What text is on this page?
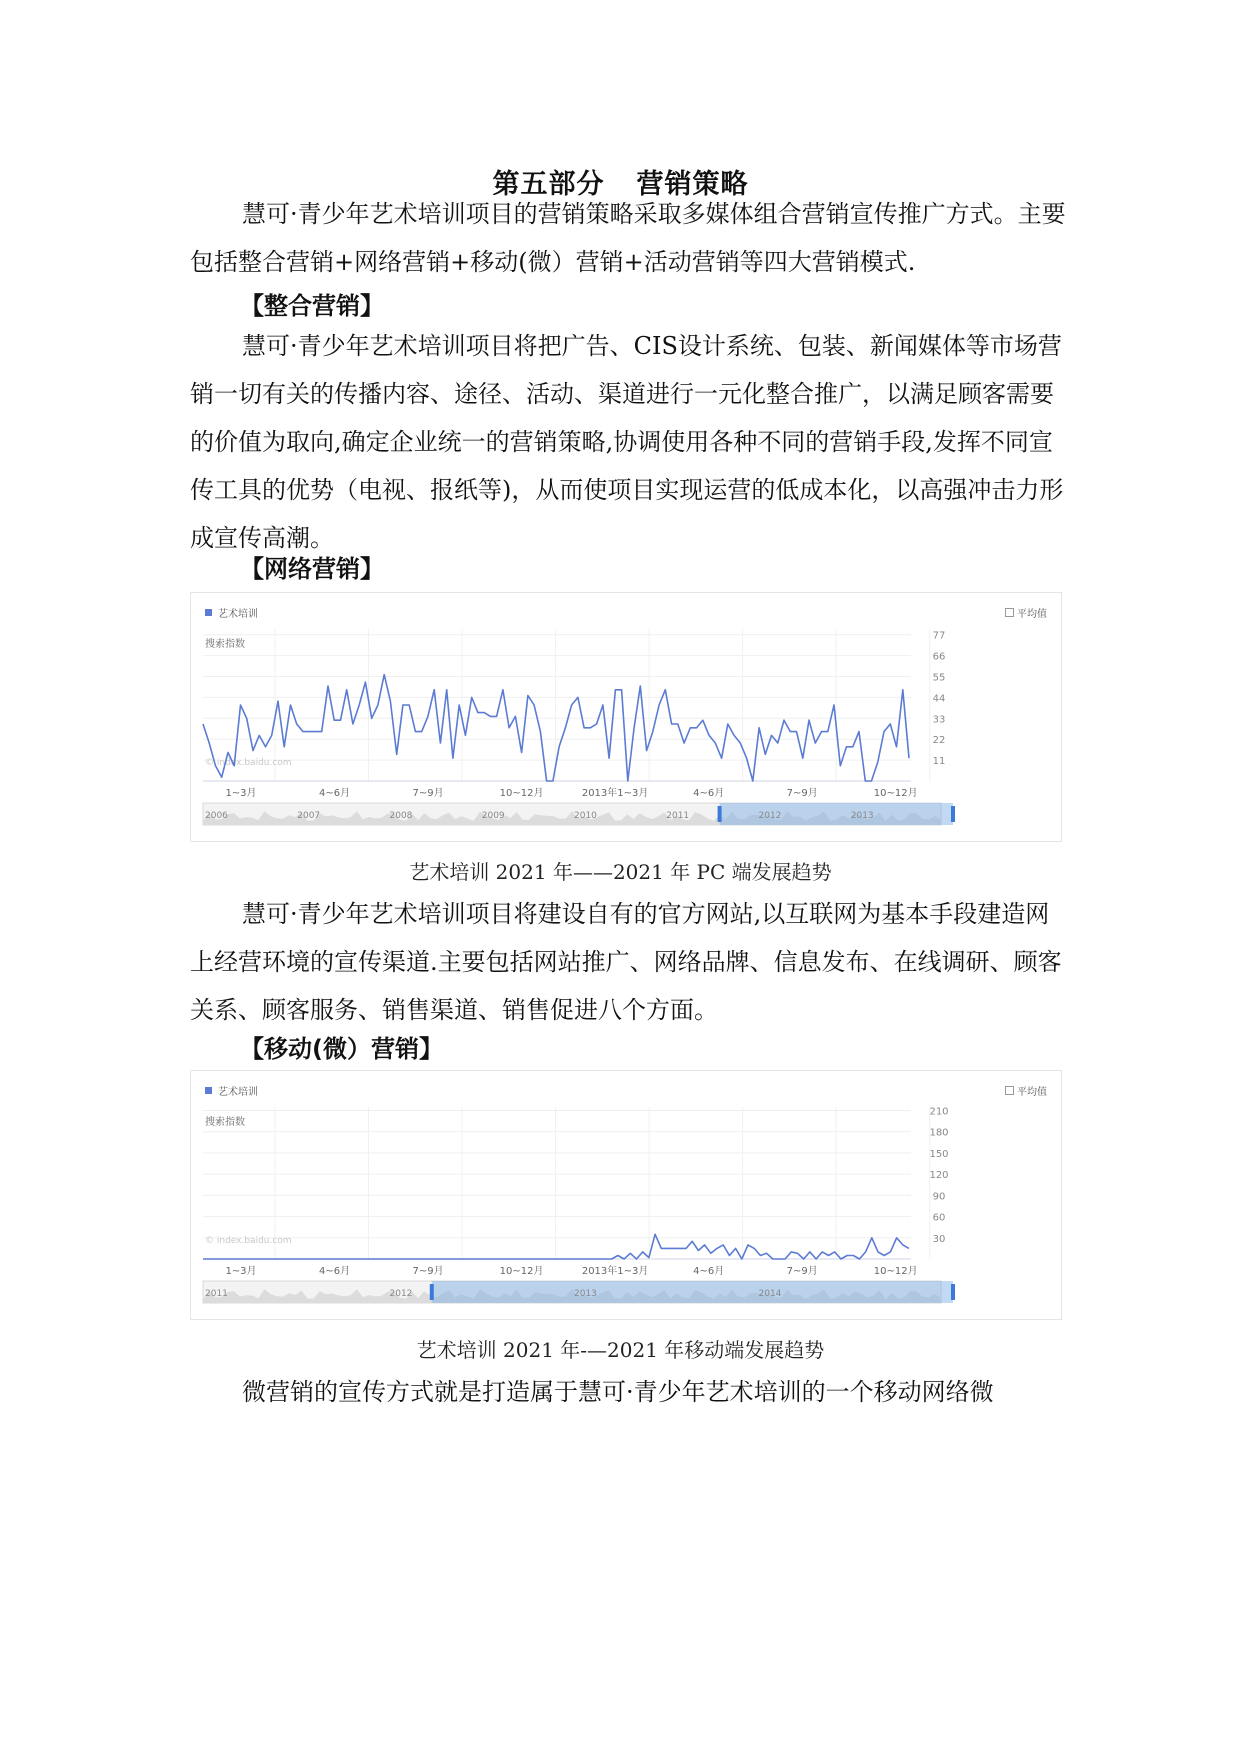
第五部分 营销策略

慧可·青少年艺术培训项目的营销策略采取多媒体组合营销宣传推广方式。主要包括整合营销+网络营销+移动(微）营销+活动营销等四大营销模式.

【整合营销】

慧可·青少年艺术培训项目将把广告、CIS设计系统、包装、新闻媒体等市场营销一切有关的传播内容、途径、活动、渠道进行一元化整合推广，以满足顾客需要的价值为取向,确定企业统一的营销策略,协调使用各种不同的营销手段,发挥不同宣传工具的优势（电视、报纸等)，从而使项目实现运营的低成本化，以高强冲击力形成宣传高潮。

【网络营销】
艺术培训	平均值
搜索指数
11
22
33
44
55
66
77
1~3月	4~6月	7~9月	10~12月	2013年1~3月	4~6月	7~9月	10~12月
© index.baidu.com
2006	2007	2008	2009	2010	2011	2012	2013
艺术培训 2021 年——2021 年 PC 端发展趋势

慧可·青少年艺术培训项目将建设自有的官方网站,以互联网为基本手段建造网上经营环境的宣传渠道.主要包括网站推广、网络品牌、信息发布、在线调研、顾客关系、顾客服务、销售渠道、销售促进八个方面。

【移动(微）营销】
艺术培训	平均值
搜索指数
30
60
90
120
150
180
210
1~3月	4~6月	7~9月	10~12月	2013年1~3月	4~6月	7~9月	10~12月
© index.baidu.com
2011	2012	2013	2014
艺术培训 2021 年-—2021 年移动端发展趋势

微营销的宣传方式就是打造属于慧可·青少年艺术培训的一个移动网络微
